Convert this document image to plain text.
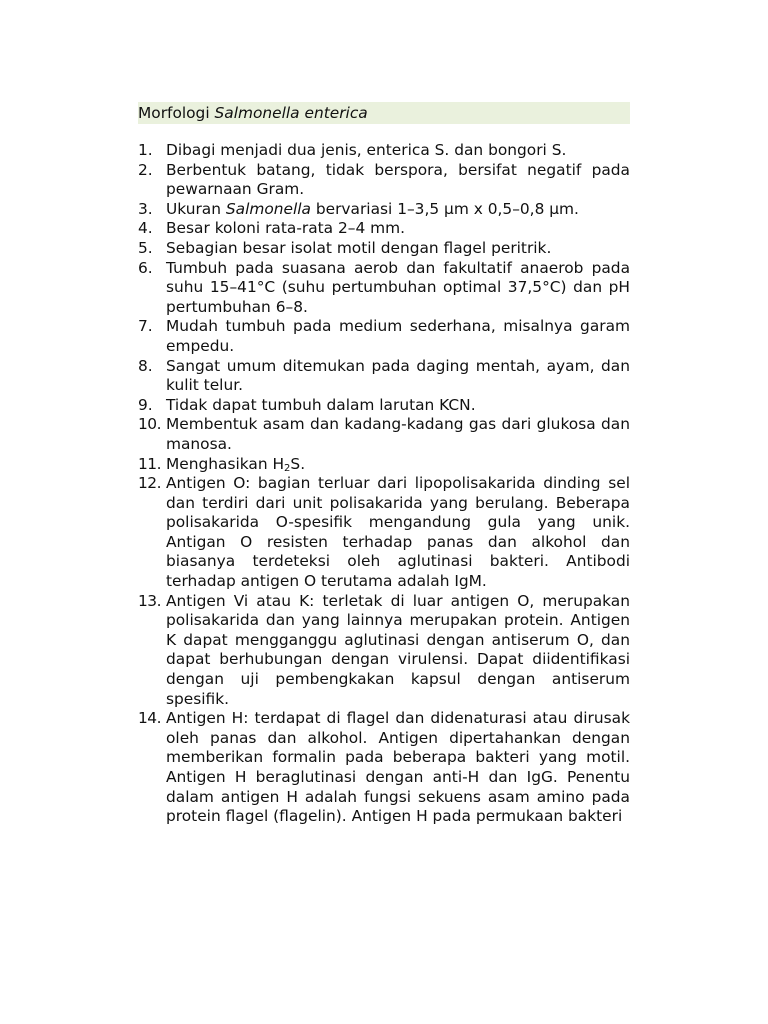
Morfologi Salmonella enterica
1. Dibagi menjadi dua jenis, enterica S. dan bongori S.
2. Berbentuk batang, tidak berspora, bersifat negatif pada pewarnaan Gram.
3. Ukuran Salmonella bervariasi 1–3,5 µm x 0,5–0,8 µm.
4. Besar koloni rata-rata 2–4 mm.
5. Sebagian besar isolat motil dengan flagel peritrik.
6. Tumbuh pada suasana aerob dan fakultatif anaerob pada suhu 15–41°C (suhu pertumbuhan optimal 37,5°C) dan pH pertumbuhan 6–8.
7. Mudah tumbuh pada medium sederhana, misalnya garam empedu.
8. Sangat umum ditemukan pada daging mentah, ayam, dan kulit telur.
9. Tidak dapat tumbuh dalam larutan KCN.
10. Membentuk asam dan kadang-kadang gas dari glukosa dan manosa.
11. Menghasikan $H_2S$.
12. Antigen O: bagian terluar dari lipopolisakarida dinding sel dan terdiri dari unit polisakarida yang berulang. Beberapa polisakarida O-spesifik mengandung gula yang unik. Antigan O resisten terhadap panas dan alkohol dan biasanya terdeteksi oleh aglutinasi bakteri. Antibodi terhadap antigen O terutama adalah IgM.
13. Antigen Vi atau K: terletak di luar antigen O, merupakan polisakarida dan yang lainnya merupakan protein. Antigen K dapat mengganggu aglutinasi dengan antiserum O, dan dapat berhubungan dengan virulensi. Dapat diidentifikasi dengan uji pembengkakan kapsul dengan antiserum spesifik.
14. Antigen H: terdapat di flagel dan didenaturasi atau dirusak oleh panas dan alkohol. Antigen dipertahankan dengan memberikan formalin pada beberapa bakteri yang motil. Antigen H beraglutinasi dengan anti-H dan IgG. Penentu dalam antigen H adalah fungsi sekuens asam amino pada protein flagel (flagelin). Antigen H pada permukaan bakteri
